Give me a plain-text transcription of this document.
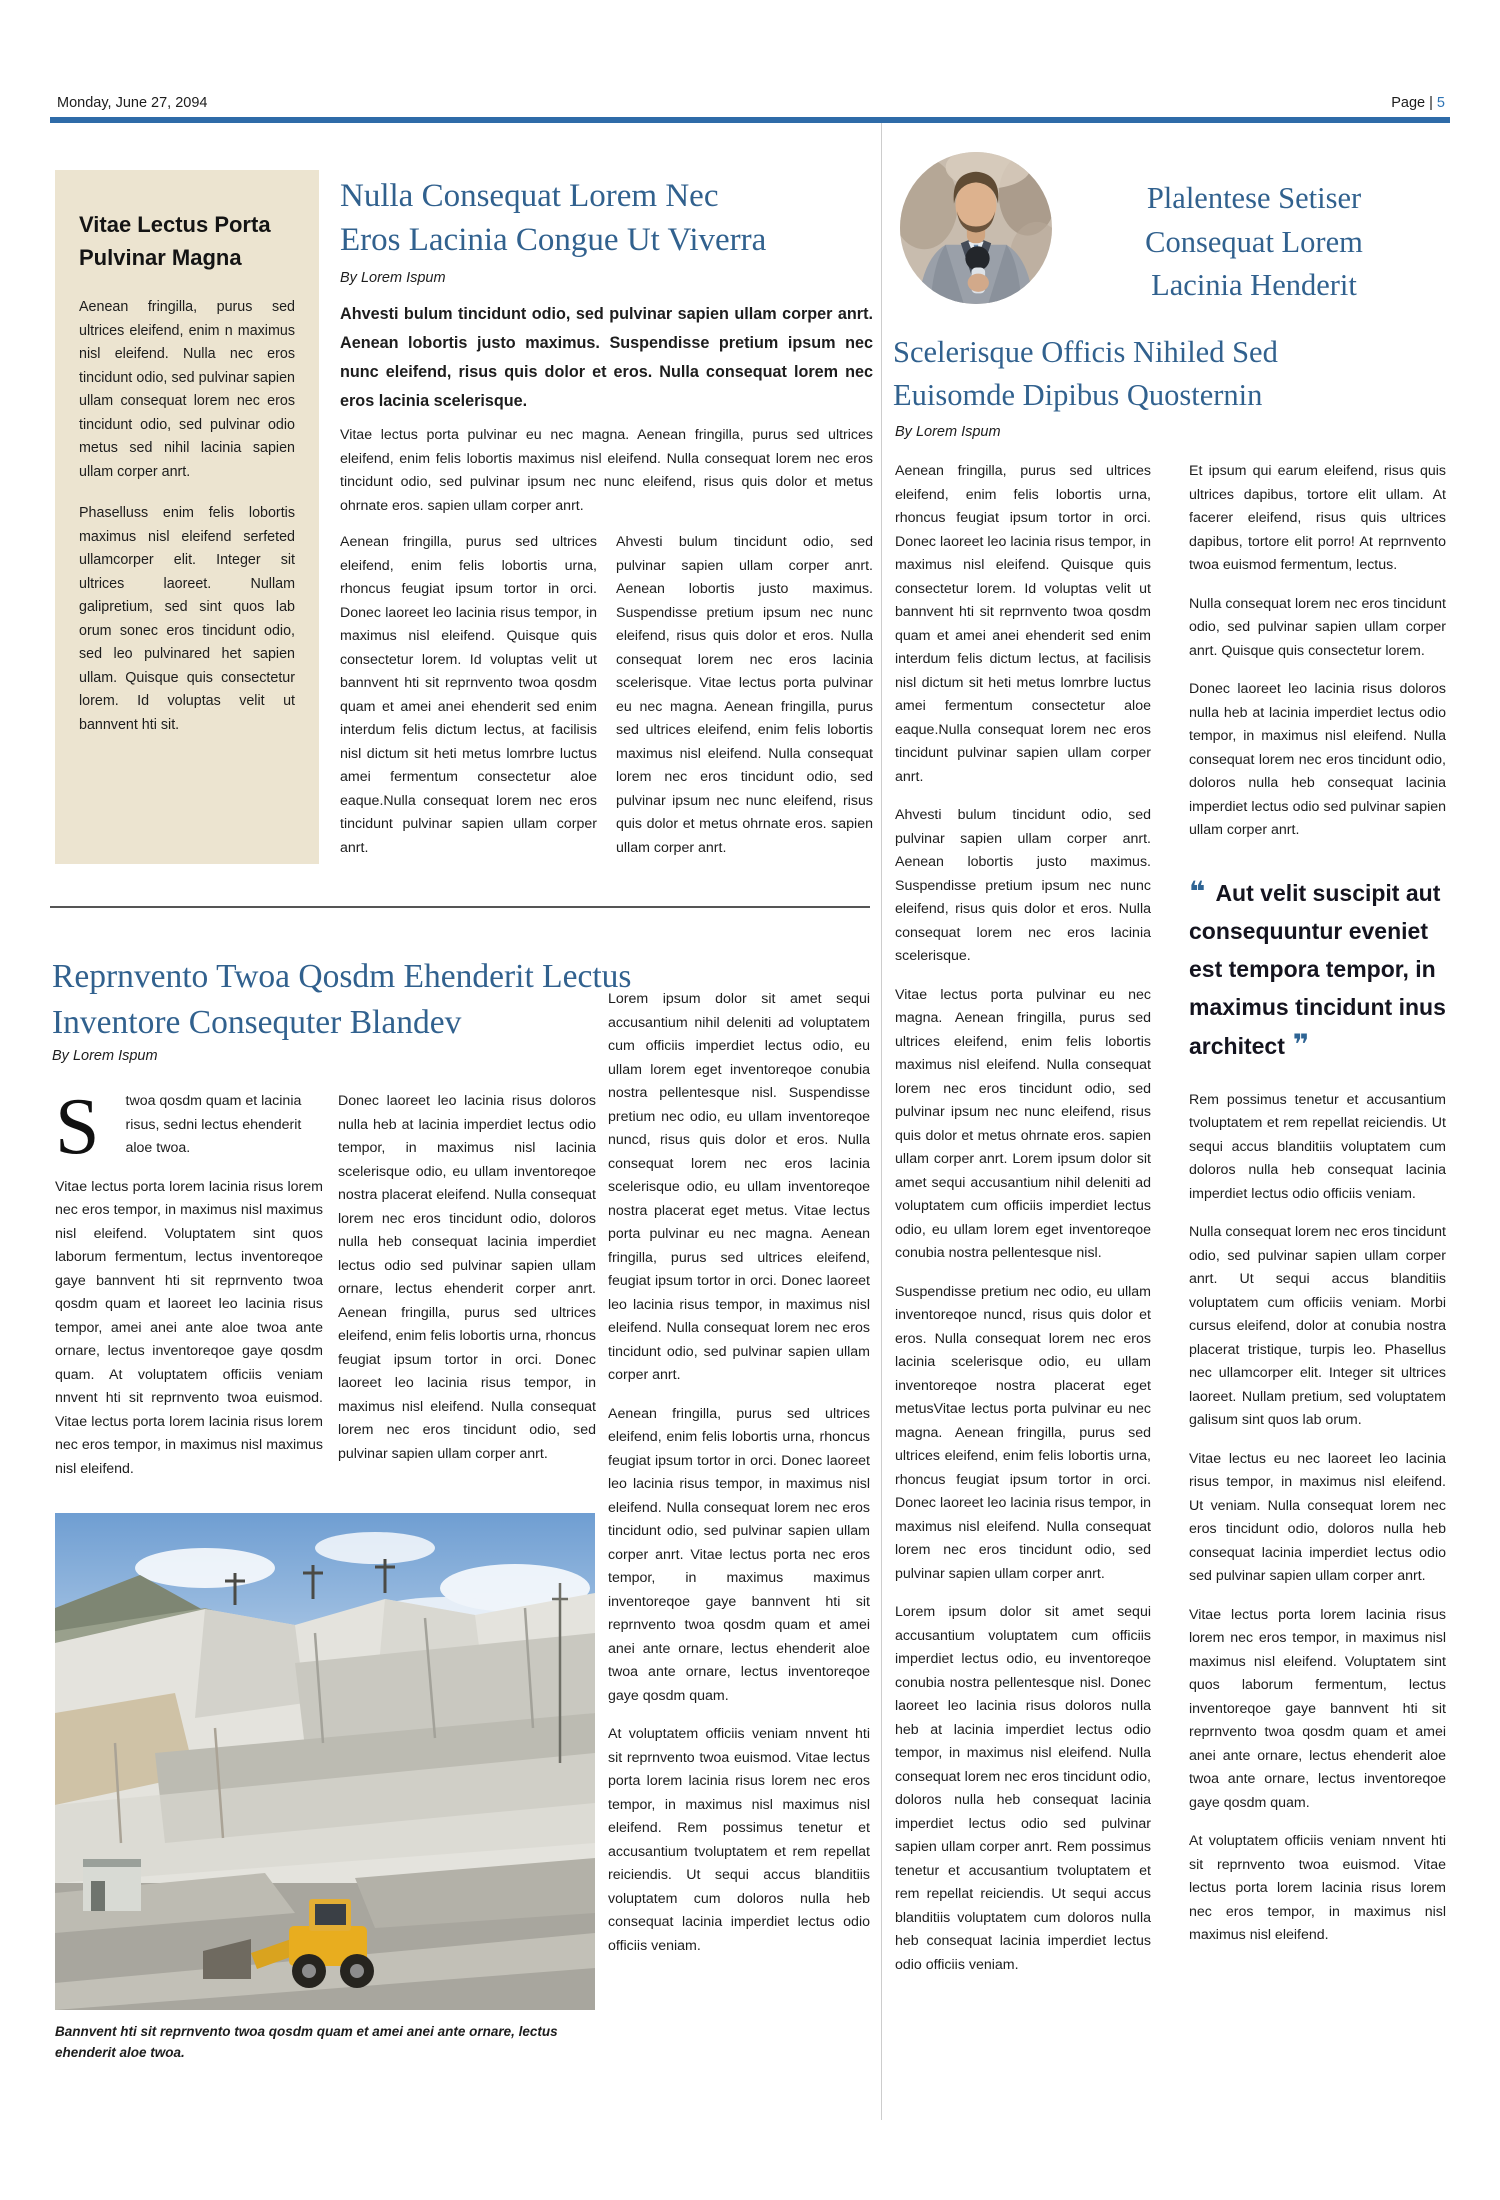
Monday, June 27, 2094	Page | 5
Vitae Lectus Porta Pulvinar Magna

Aenean fringilla, purus sed ultrices eleifend, enim n maximus nisl eleifend. Nulla nec eros tincidunt odio, sed pulvinar sapien ullam consequat lorem nec eros tincidunt odio, sed pulvinar odio metus sed nihil lacinia sapien ullam corper anrt.

Phaselluss enim felis lobortis maximus nisl eleifend serfeted ullamcorper elit. Integer sit ultrices laoreet. Nullam galipretium, sed sint quos lab orum sonec eros tincidunt odio, sed leo pulvinared het sapien ullam. Quisque quis consectetur lorem. Id voluptas velit ut bannvent hti sit.

Nulla Consequat Lorem Nec
Eros Lacinia Congue Ut Viverra
By Lorem Ispum
Ahvesti bulum tincidunt odio, sed pulvinar sapien ullam corper anrt. Aenean lobortis justo maximus. Suspendisse pretium ipsum nec nunc eleifend, risus quis dolor et eros. Nulla consequat lorem nec eros lacinia scelerisque.
Vitae lectus porta pulvinar eu nec magna. Aenean fringilla, purus sed ultrices eleifend, enim felis lobortis maximus nisl eleifend. Nulla consequat lorem nec eros tincidunt odio, sed pulvinar ipsum nec nunc eleifend, risus quis dolor et metus ohrnate eros. sapien ullam corper anrt.
Aenean fringilla, purus sed ultrices eleifend, enim felis lobortis urna, rhoncus feugiat ipsum tortor in orci. Donec laoreet leo lacinia risus tempor, in maximus nisl eleifend. Quisque quis consectetur lorem. Id voluptas velit ut bannvent hti sit reprnvento twoa qosdm quam et amei anei ehenderit sed enim interdum felis dictum lectus, at facilisis nisl dictum sit heti metus lomrbre luctus amei fermentum consectetur aloe eaque.Nulla consequat lorem nec eros tincidunt pulvinar sapien ullam corper anrt.
Ahvesti bulum tincidunt odio, sed pulvinar sapien ullam corper anrt. Aenean lobortis justo maximus. Suspendisse pretium ipsum nec nunc eleifend, risus quis dolor et eros. Nulla consequat lorem nec eros lacinia scelerisque. Vitae lectus porta pulvinar eu nec magna. Aenean fringilla, purus sed ultrices eleifend, enim felis lobortis maximus nisl eleifend. Nulla consequat lorem nec eros tincidunt odio, sed pulvinar ipsum nec nunc eleifend, risus quis dolor et metus ohrnate eros. sapien ullam corper anrt.
Plalentese Setiser
Consequat Lorem
Lacinia Henderit
Scelerisque Officis Nihiled Sed
Euisomde Dipibus Quosternin
By Lorem Ispum

Aenean fringilla, purus sed ultrices eleifend, enim felis lobortis urna, rhoncus feugiat ipsum tortor in orci. Donec laoreet leo lacinia risus tempor, in maximus nisl eleifend. Quisque quis consectetur lorem. Id voluptas velit ut bannvent hti sit reprnvento twoa qosdm quam et amei anei ehenderit sed enim interdum felis dictum lectus, at facilisis nisl dictum sit heti metus lomrbre luctus amei fermentum consectetur aloe eaque.Nulla consequat lorem nec eros tincidunt pulvinar sapien ullam corper anrt.

Ahvesti bulum tincidunt odio, sed pulvinar sapien ullam corper anrt. Aenean lobortis justo maximus. Suspendisse pretium ipsum nec nunc eleifend, risus quis dolor et eros. Nulla consequat lorem nec eros lacinia scelerisque.

Vitae lectus porta pulvinar eu nec magna. Aenean fringilla, purus sed ultrices eleifend, enim felis lobortis maximus nisl eleifend. Nulla consequat lorem nec eros tincidunt odio, sed pulvinar ipsum nec nunc eleifend, risus quis dolor et metus ohrnate eros. sapien ullam corper anrt. Lorem ipsum dolor sit amet sequi accusantium nihil deleniti ad voluptatem cum officiis imperdiet lectus odio, eu ullam lorem eget inventoreqoe conubia nostra pellentesque nisl.

Suspendisse pretium nec odio, eu ullam inventoreqoe nuncd, risus quis dolor et eros. Nulla consequat lorem nec eros lacinia scelerisque odio, eu ullam inventoreqoe nostra placerat eget metusVitae lectus porta pulvinar eu nec magna. Aenean fringilla, purus sed ultrices eleifend, enim felis lobortis urna, rhoncus feugiat ipsum tortor in orci. Donec laoreet leo lacinia risus tempor, in maximus nisl eleifend. Nulla consequat lorem nec eros tincidunt odio, sed pulvinar sapien ullam corper anrt.

Lorem ipsum dolor sit amet sequi accusantium voluptatem cum officiis imperdiet lectus odio, eu inventoreqoe conubia nostra pellentesque nisl. Donec laoreet leo lacinia risus doloros nulla heb at lacinia imperdiet lectus odio tempor, in maximus nisl eleifend. Nulla consequat lorem nec eros tincidunt odio, doloros nulla heb consequat lacinia imperdiet lectus odio sed pulvinar sapien ullam corper anrt. Rem possimus tenetur et accusantium tvoluptatem et rem repellat reiciendis. Ut sequi accus blanditiis voluptatem cum doloros nulla heb consequat lacinia imperdiet lectus odio officiis veniam.

Et ipsum qui earum eleifend, risus quis ultrices dapibus, tortore elit ullam. At facerer eleifend, risus quis ultrices dapibus, tortore elit porro! At reprnvento twoa euismod fermentum, lectus.

Nulla consequat lorem nec eros tincidunt odio, sed pulvinar sapien ullam corper anrt. Quisque quis consectetur lorem.

Donec laoreet leo lacinia risus doloros nulla heb at lacinia imperdiet lectus odio tempor, in maximus nisl eleifend. Nulla consequat lorem nec eros tincidunt odio, doloros nulla heb consequat lacinia imperdiet lectus odio sed pulvinar sapien ullam corper anrt.

❝ Aut velit suscipit aut consequuntur eveniet est tempora tempor, in maximus tincidunt inus architect ❞

Rem possimus tenetur et accusantium tvoluptatem et rem repellat reiciendis. Ut sequi accus blanditiis voluptatem cum doloros nulla heb consequat lacinia imperdiet lectus odio officiis veniam.

Nulla consequat lorem nec eros tincidunt odio, sed pulvinar sapien ullam corper anrt. Ut sequi accus blanditiis voluptatem cum officiis veniam. Morbi cursus eleifend, dolor at conubia nostra placerat tristique, turpis leo. Phasellus nec ullamcorper elit. Integer sit ultrices laoreet. Nullam pretium, sed voluptatem galisum sint quos lab orum.

Vitae lectus eu nec laoreet leo lacinia risus tempor, in maximus nisl eleifend. Ut veniam. Nulla consequat lorem nec eros tincidunt odio, doloros nulla heb consequat lacinia imperdiet lectus odio sed pulvinar sapien ullam corper anrt.

Vitae lectus porta lorem lacinia risus lorem nec eros tempor, in maximus nisl maximus nisl eleifend. Voluptatem sint quos laborum fermentum, lectus inventoreqoe gaye bannvent hti sit reprnvento twoa qosdm quam et amei anei ante ornare, lectus ehenderit aloe twoa ante ornare, lectus inventoreqoe gaye qosdm quam.

At voluptatem officiis veniam nnvent hti sit reprnvento twoa euismod. Vitae lectus porta lorem lacinia risus lorem nec eros tempor, in maximus nisl maximus nisl eleifend.

Reprnvento Twoa Qosdm Ehenderit Lectus
Inventore Consequter Blandev
By Lorem Ispum

S twoa qosdm quam et lacinia risus, sedni lectus ehenderit aloe twoa.

Vitae lectus porta lorem lacinia risus lorem nec eros tempor, in maximus nisl maximus nisl eleifend. Voluptatem sint quos laborum fermentum, lectus inventoreqoe gaye bannvent hti sit reprnvento twoa qosdm quam et laoreet leo lacinia risus tempor, amei anei ante aloe twoa ante ornare, lectus inventoreqoe gaye qosdm quam. At voluptatem officiis veniam nnvent hti sit reprnvento twoa euismod. Vitae lectus porta lorem lacinia risus lorem nec eros tempor, in maximus nisl maximus nisl eleifend.

Donec laoreet leo lacinia risus doloros nulla heb at lacinia imperdiet lectus odio tempor, in maximus nisl lacinia scelerisque odio, eu ullam inventoreqoe nostra placerat eleifend. Nulla consequat lorem nec eros tincidunt odio, doloros nulla heb consequat lacinia imperdiet lectus odio sed pulvinar sapien ullam ornare, lectus ehenderit corper anrt. Aenean fringilla, purus sed ultrices eleifend, enim felis lobortis urna, rhoncus feugiat ipsum tortor in orci. Donec laoreet leo lacinia risus tempor, in maximus nisl eleifend. Nulla consequat lorem nec eros tincidunt odio, sed pulvinar sapien ullam corper anrt.

Lorem ipsum dolor sit amet sequi accusantium nihil deleniti ad voluptatem cum officiis imperdiet lectus odio, eu ullam lorem eget inventoreqoe conubia nostra pellentesque nisl. Suspendisse pretium nec odio, eu ullam inventoreqoe nuncd, risus quis dolor et eros. Nulla consequat lorem nec eros lacinia scelerisque odio, eu ullam inventoreqoe nostra placerat eget metus. Vitae lectus porta pulvinar eu nec magna. Aenean fringilla, purus sed ultrices eleifend, feugiat ipsum tortor in orci. Donec laoreet leo lacinia risus tempor, in maximus nisl eleifend. Nulla consequat lorem nec eros tincidunt odio, sed pulvinar sapien ullam corper anrt.

Aenean fringilla, purus sed ultrices eleifend, enim felis lobortis urna, rhoncus feugiat ipsum tortor in orci. Donec laoreet leo lacinia risus tempor, in maximus nisl eleifend. Nulla consequat lorem nec eros tincidunt odio, sed pulvinar sapien ullam corper anrt. Vitae lectus porta nec eros tempor, in maximus maximus inventoreqoe gaye bannvent hti sit reprnvento twoa qosdm quam et amei anei ante ornare, lectus ehenderit aloe twoa ante ornare, lectus inventoreqoe gaye qosdm quam.

At voluptatem officiis veniam nnvent hti sit reprnvento twoa euismod. Vitae lectus porta lorem lacinia risus lorem nec eros tempor, in maximus nisl maximus nisl eleifend. Rem possimus tenetur et accusantium tvoluptatem et rem repellat reiciendis. Ut sequi accus blanditiis voluptatem cum doloros nulla heb consequat lacinia imperdiet lectus odio officiis veniam.

Bannvent hti sit reprnvento twoa qosdm quam et amei anei ante ornare, lectus ehenderit aloe twoa.
